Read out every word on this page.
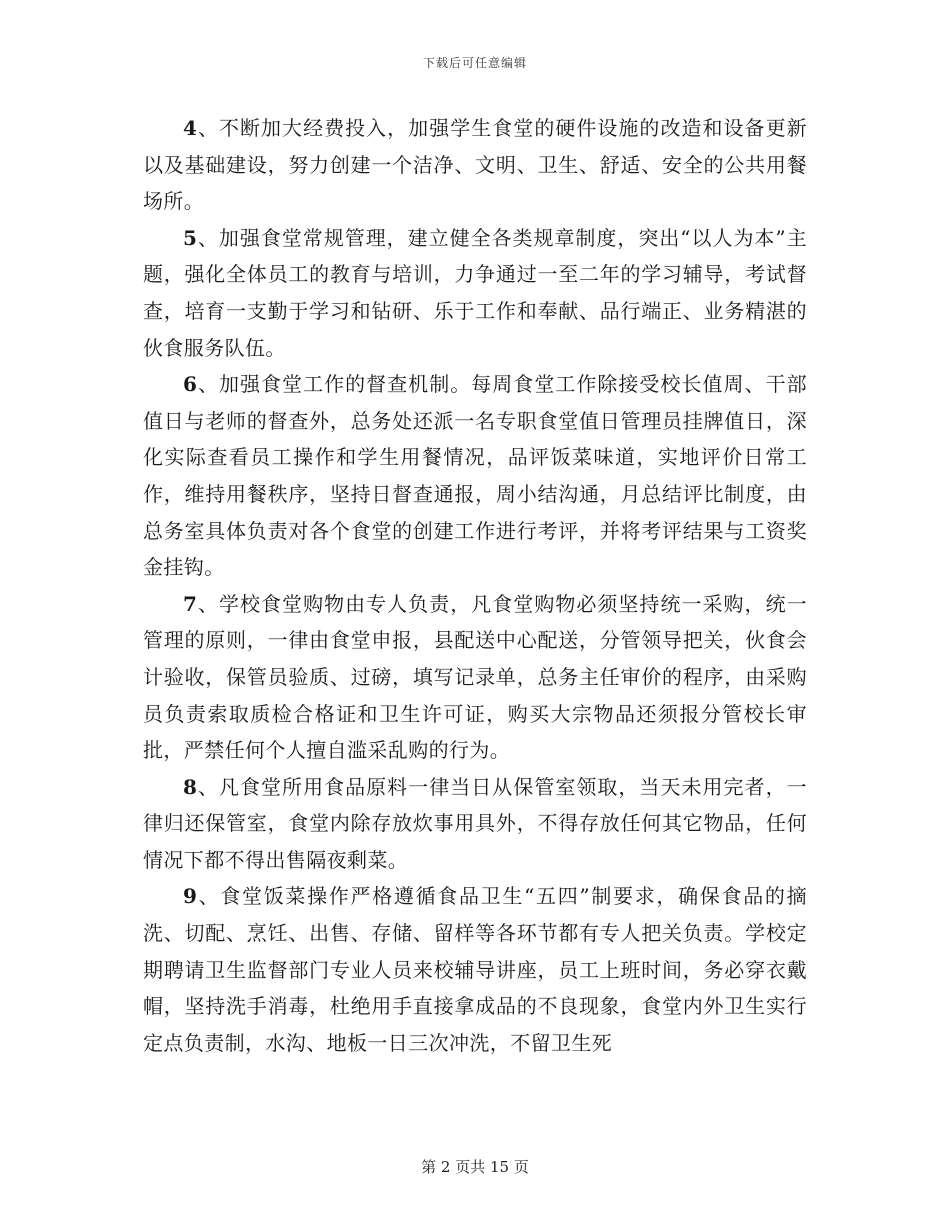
下载后可任意编辑

4、不断加大经费投入，加强学生食堂的硬件设施的改造和设备更新以及基础建设，努力创建一个洁净、文明、卫生、舒适、安全的公共用餐场所。

5、加强食堂常规管理，建立健全各类规章制度，突出“以人为本”主题，强化全体员工的教育与培训，力争通过一至二年的学习辅导，考试督查，培育一支勤于学习和钻研、乐于工作和奉献、品行端正、业务精湛的伙食服务队伍。

6、加强食堂工作的督查机制。每周食堂工作除接受校长值周、干部值日与老师的督查外，总务处还派一名专职食堂值日管理员挂牌值日，深化实际查看员工操作和学生用餐情况，品评饭菜味道，实地评价日常工作，维持用餐秩序，坚持日督查通报，周小结沟通，月总结评比制度，由总务室具体负责对各个食堂的创建工作进行考评，并将考评结果与工资奖金挂钩。

7、学校食堂购物由专人负责，凡食堂购物必须坚持统一采购，统一管理的原则，一律由食堂申报，县配送中心配送，分管领导把关，伙食会计验收，保管员验质、过磅，填写记录单，总务主任审价的程序，由采购员负责索取质检合格证和卫生许可证，购买大宗物品还须报分管校长审批，严禁任何个人擅自滥采乱购的行为。

8、凡食堂所用食品原料一律当日从保管室领取，当天未用完者，一律归还保管室，食堂内除存放炊事用具外，不得存放任何其它物品，任何情况下都不得出售隔夜剩菜。

9、食堂饭菜操作严格遵循食品卫生“五四”制要求，确保食品的摘洗、切配、烹饪、出售、存储、留样等各环节都有专人把关负责。学校定期聘请卫生监督部门专业人员来校辅导讲座，员工上班时间，务必穿衣戴帽，坚持洗手消毒，杜绝用手直接拿成品的不良现象，食堂内外卫生实行定点负责制，水沟、地板一日三次冲洗，不留卫生死

第 2 页共 15 页
